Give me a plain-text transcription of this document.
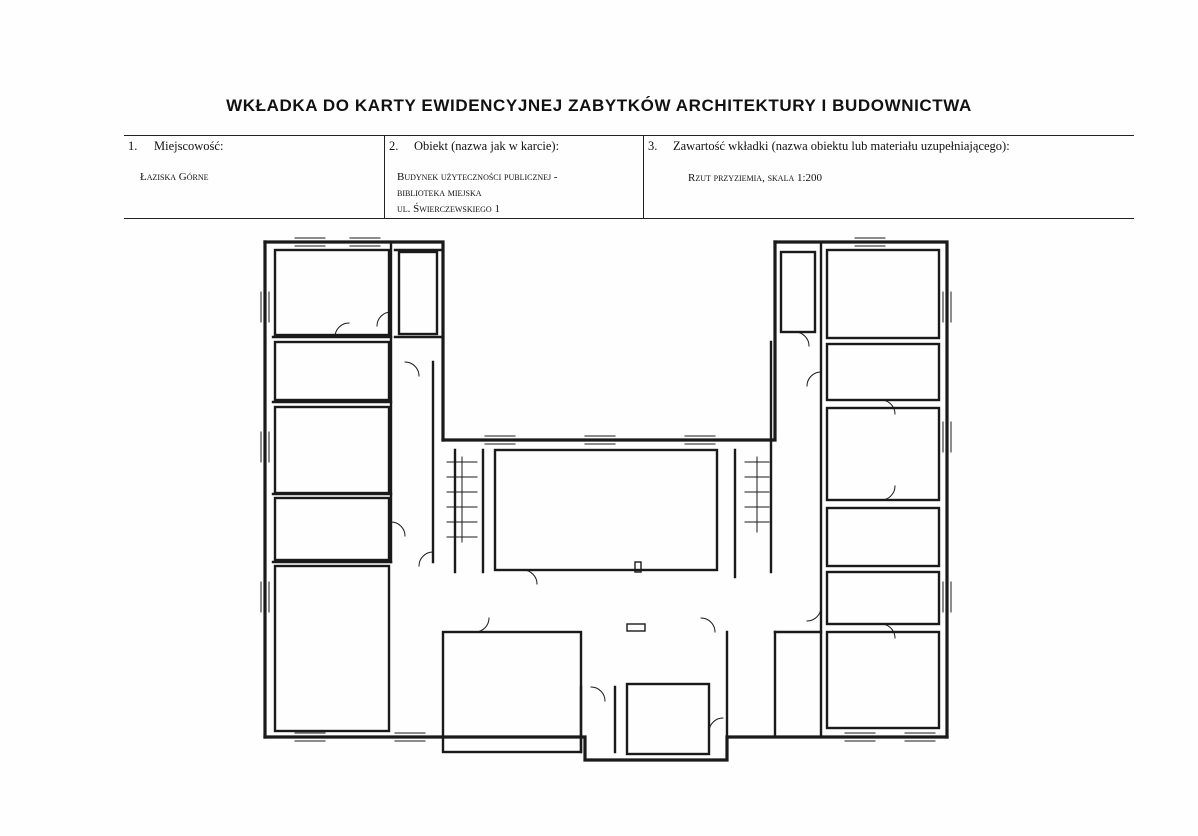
WKŁADKA DO KARTY EWIDENCYJNEJ ZABYTKÓW ARCHITEKTURY I BUDOWNICTWA
1. Miejscowość:
Łaziska Górne
2. Obiekt (nazwa jak w karcie):
Budynek użyteczności publicznej -
biblioteka miejska
ul. Świerczewskiego 1
3. Zawartość wkładki (nazwa obiektu lub materiału uzupełniającego):
Rzut przyziemia, skala 1:200
